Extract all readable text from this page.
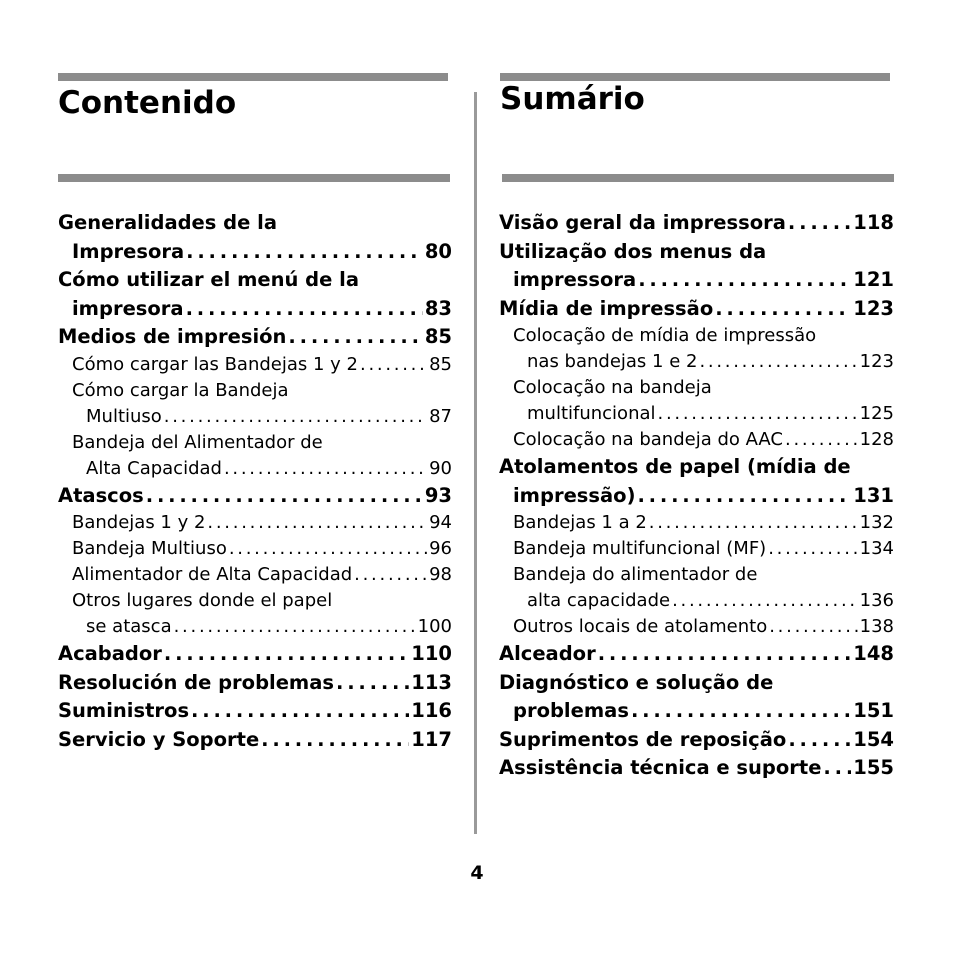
Contenido	Sumário
Generalidades de la
Impresora . . .	80
Cómo utilizar el menú de la
impresora . . .	83
Medios de impresión . . .	85
Cómo cargar las Bandejas 1 y 2 . . .	85
Cómo cargar la Bandeja
Multiuso . . .	87
Bandeja del Alimentador de
Alta Capacidad . . .	90
Atascos . . .	93
Bandejas 1 y 2 . . .	94
Bandeja Multiuso . . .	96
Alimentador de Alta Capacidad . . .	98
Otros lugares donde el papel
se atasca . . .	100
Acabador . . .	110
Resolución de problemas . . .	113
Suministros . . .	116
Servicio y Soporte . . .	117
Visão geral da impressora . . .	118
Utilização dos menus da
impressora . . .	121
Mídia de impressão . . .	123
Colocação de mídia de impressão
nas bandejas 1 e 2 . . .	123
Colocação na bandeja
multifuncional . . .	125
Colocação na bandeja do AAC . . .	128
Atolamentos de papel (mídia de
impressão) . . .	131
Bandejas 1 a 2 . . .	132
Bandeja multifuncional (MF) . . .	134
Bandeja do alimentador de
alta capacidade . . .	136
Outros locais de atolamento . . .	138
Alceador . . .	148
Diagnóstico e solução de
problemas . . .	151
Suprimentos de reposição . . .	154
Assistência técnica e suporte . . . 155
4
